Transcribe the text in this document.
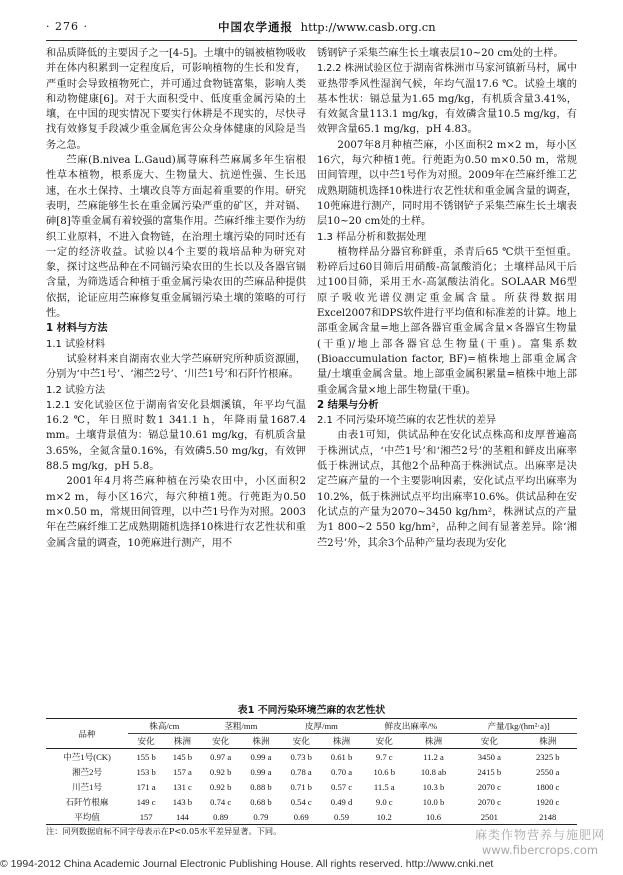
· 276 ·	中国农学通报 http://www.casb.org.cn

和品质降低的主要因子之一[4-5]。土壤中的镉被植物吸收并在体内积累到一定程度后，可影响植物的生长和发育，严重时会导致植物死亡，并可通过食物链富集，影响人类和动物健康[6]。对于大面积受中、低度重金属污染的土壤，在中国的现实情况下要实行休耕是不现实的，尽快寻找有效修复手段减少重金属危害公众身体健康的风险是当务之急。

苎麻(B.nivea L.Gaud)属荨麻科苎麻属多年生宿根性草本植物，根系庞大、生物量大、抗逆性强、生长迅速，在水土保持、土壤改良等方面起着重要的作用。研究表明，苎麻能够生长在重金属污染严重的矿区，并对镉、砷[8]等重金属有着较强的富集作用。苎麻纤维主要作为纺织工业原料，不进入食物链，在治理土壤污染的同时还有一定的经济收益。试验以4个主要的栽培品种为研究对象，探讨这些品种在不同镉污染农田的生长以及各器官镉含量，为筛选适合种植于重金属污染农田的苎麻品种提供依据，论证应用苎麻修复重金属镉污染土壤的策略的可行性。

1 材料与方法

1.1 试验材料

试验材料来自湖南农业大学苎麻研究所种质资源圃，分别为‘中苎1号’、‘湘苎2号’、‘川苎1号’和石阡竹根麻。

1.2 试验方法

1.2.1 安化试验区位于湖南省安化县烟溪镇，年平均气温16.2 ℃，年日照时数1 341.1 h，年降雨量1687.4 mm。土壤背景值为：镉总量10.61 mg/kg，有机质含量3.65%，全氮含量0.16%，有效磷5.50 mg/kg，有效钾88.5 mg/kg，pH 5.8。

2001年4月将苎麻种植在污染农田中，小区面积2 m×2 m，每小区16穴，每穴种植1蔸。行蔸距为0.50 m×0.50 m，常规田间管理，以中苎1号作为对照。2003年在苎麻纤维工艺成熟期随机选择10株进行农艺性状和重金属含量的调查，10蔸麻进行测产，用不

锈钢铲子采集苎麻生长土壤表层10~20 cm处的土样。

1.2.2 株洲试验区位于湖南省株洲市马家河镇新马村，属中亚热带季风性湿润气候，年均气温17.6 ℃。试验土壤的基本性状：镉总量为1.65 mg/kg，有机质含量3.41%，有效氮含量113.1 mg/kg，有效磷含量10.5 mg/kg，有效钾含量65.1 mg/kg，pH 4.83。

2007年8月种植苎麻，小区面积2 m×2 m，每小区16穴，每穴种植1蔸。行蔸距为0.50 m×0.50 m，常规田间管理，以中苎1号作为对照。2009年在苎麻纤维工艺成熟期随机选择10株进行农艺性状和重金属含量的调查，10蔸麻进行测产，同时用不锈钢铲子采集苎麻生长土壤表层10~20 cm处的土样。

1.3 样品分析和数据处理

植物样品分器官称鲜重，杀青后65 ℃烘干至恒重。粉碎后过60目筛后用硝酸-高氯酸消化；土壤样品风干后过100目筛，采用王水-高氯酸法消化。SOLAAR M6型原子吸收光谱仪测定重金属含量。所获得数据用Excel2007和DPS软件进行平均值和标准差的计算。地上部重金属含量=地上部各器官重金属含量×各器官生物量(干重)/地上部各器官总生物量(干重)。富集系数(Bioaccumulation factor, BF)=植株地上部重金属含量/土壤重金属含量。地上部重金属积累量=植株中地上部重金属含量×地上部生物量(干重)。

2 结果与分析

2.1 不同污染环境苎麻的农艺性状的差异

由表1可知，供试品种在安化试点株高和皮厚普遍高于株洲试点，‘中苎1号’和‘湘苎2号’的茎粗和鲜皮出麻率低于株洲试点，其他2个品种高于株洲试点。出麻率是决定苎麻产量的一个主要影响因素，安化试点平均出麻率为10.2%，低于株洲试点平均出麻率10.6%。供试品种在安化试点的产量为2070~3450 kg/hm²，株洲试点的产量为1 800~2 550 kg/hm²，品种之间有显著差异。除‘湘苎2号’外，其余3个品种产量均表现为安化

表1 不同污染环境苎麻的农艺性状
品种	株高/cm		茎粗/mm		皮厚/mm		鲜皮出麻率/%		产量/[kg/(hm²·a)]	
	安化	株洲	安化	株洲	安化	株洲	安化	株洲	安化	株洲
中苎1号(CK)	155 b	145 b	0.97 a	0.99 a	0.73 b	0.61 b	9.7 c	11.2 a	3450 a	2325 b
湘苎2号	153 b	157 a	0.92 b	0.99 a	0.78 a	0.70 a	10.6 b	10.8 ab	2415 b	2550 a
川苎1号	171 a	131 c	0.92 b	0.88 b	0.71 b	0.57 c	11.5 a	10.3 b	2070 c	1800 c
石阡竹根麻	149 c	143 b	0.74 c	0.68 b	0.54 c	0.49 d	9.0 c	10.0 b	2070 c	1920 c
平均值	157	144	0.89	0.79	0.69	0.59	10.2	10.6	2501	2148
注：同列数据肩标不同字母表示在P<0.05水平差异显著。下同。	麻类作物营养与施肥网
www.fibercrops.com
© 1994-2012 China Academic Journal Electronic Publishing House. All rights reserved. http://www.cnki.net
